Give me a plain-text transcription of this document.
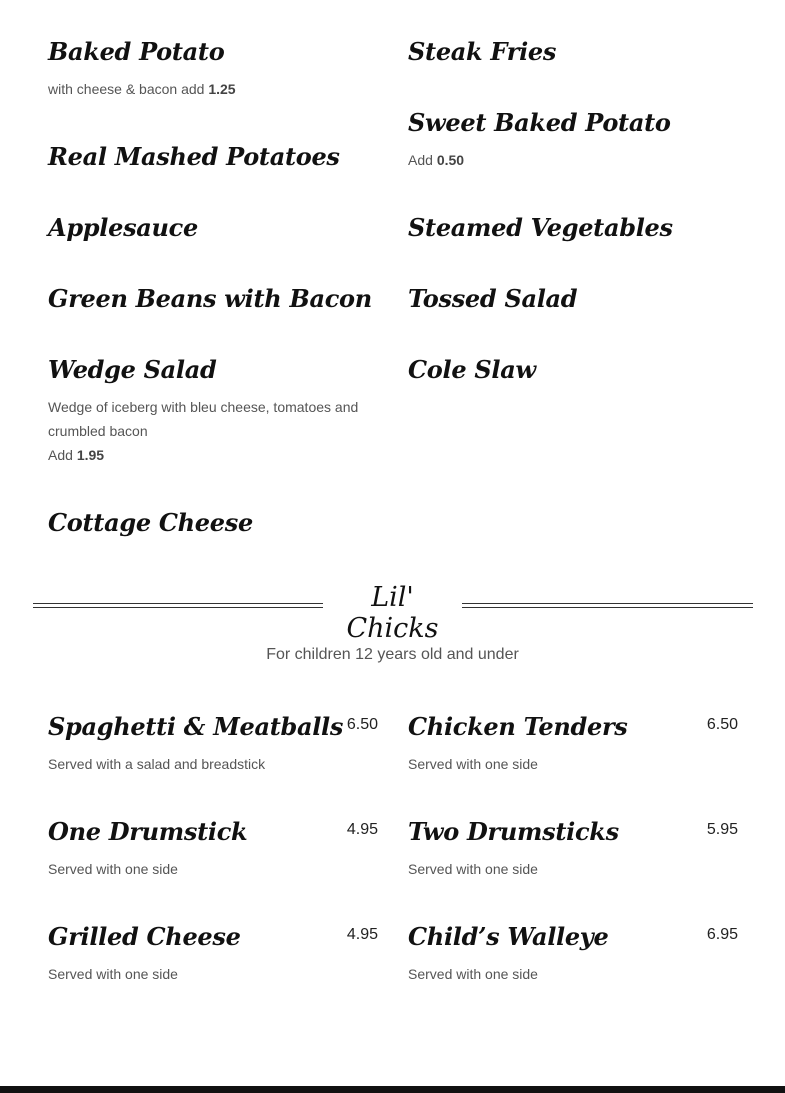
Baked Potato
with cheese & bacon add 1.25
Real Mashed Potatoes
Applesauce
Green Beans with Bacon
Wedge Salad
Wedge of iceberg with bleu cheese, tomatoes and crumbled bacon
Add 1.95
Cottage Cheese
Steak Fries
Sweet Baked Potato
Add 0.50
Steamed Vegetables
Tossed Salad
Cole Slaw
Lil' Chicks
For children 12 years old and under
Spaghetti & Meatballs 6.50
Served with a salad and breadstick
One Drumstick	4.95
Served with one side
Grilled Cheese	4.95
Served with one side
Chicken Tenders	6.50
Served with one side
Two Drumsticks	5.95
Served with one side
Child’s Walleye	6.95
Served with one side
